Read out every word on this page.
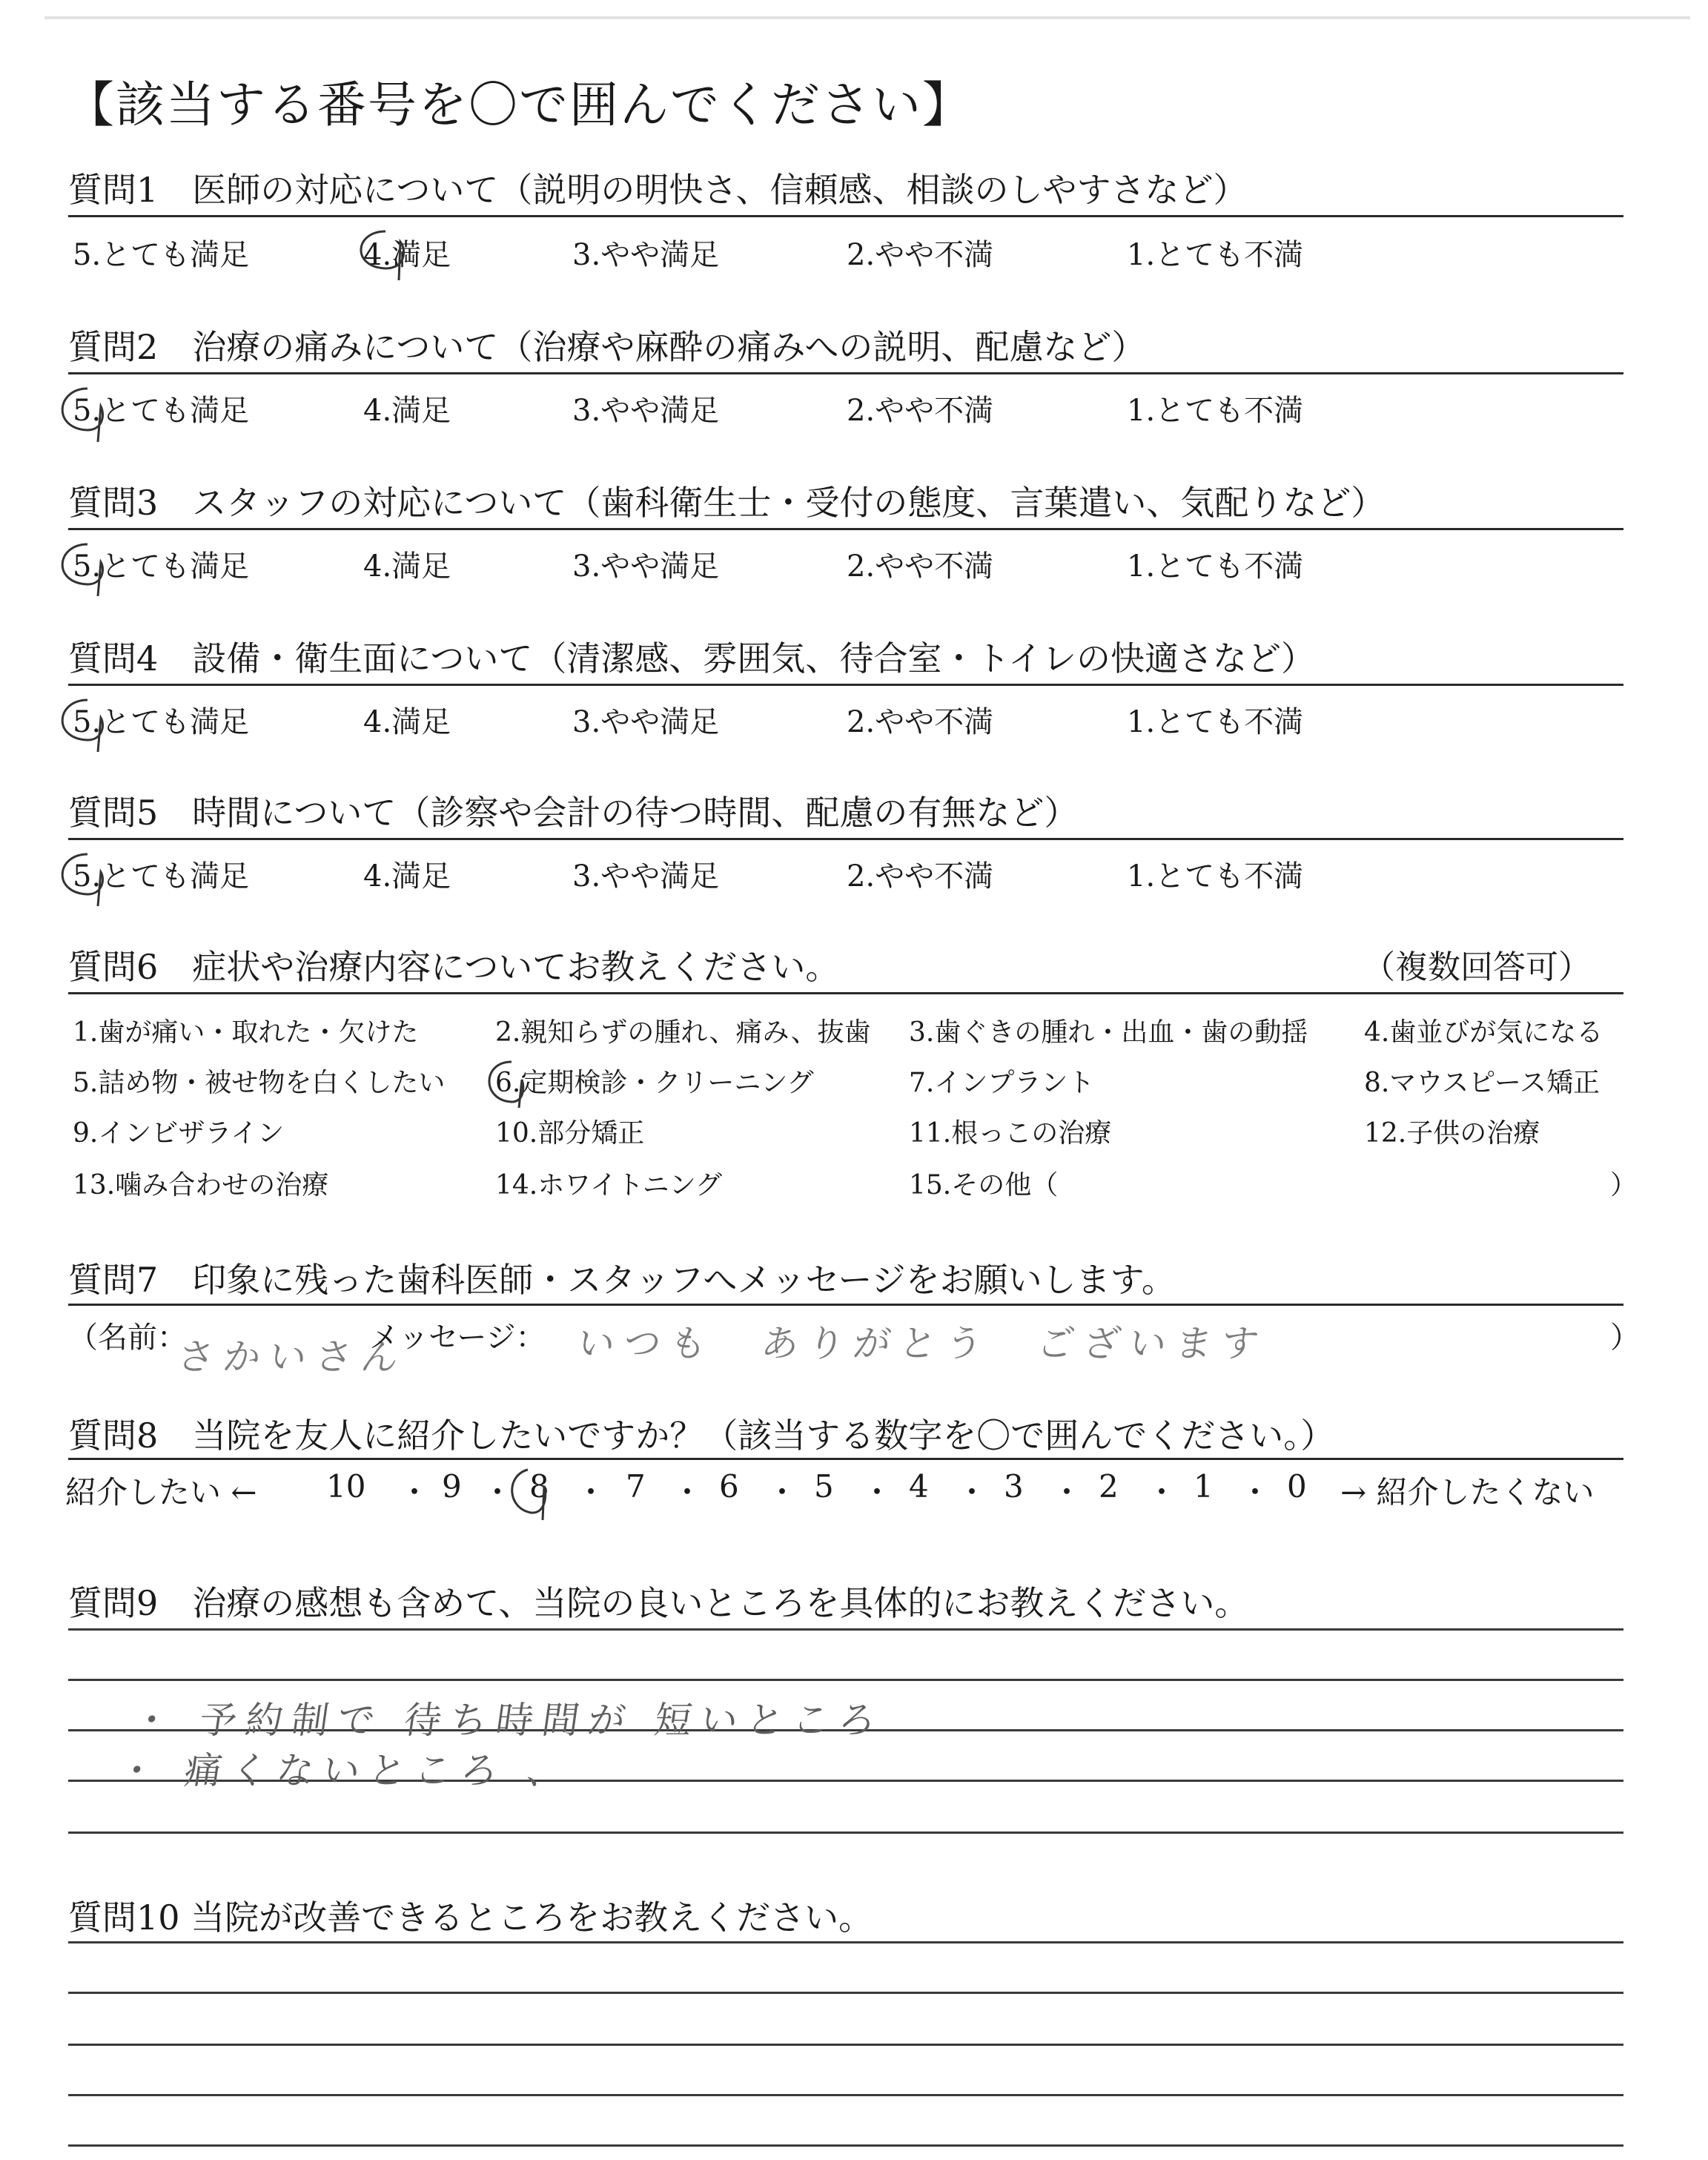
【該当する番号を〇で囲んでください】
質問1　医師の対応について（説明の明快さ、信頼感、相談のしやすさなど）
5.とても満足	4.満足	3.やや満足	2.やや不満	1.とても不満
質問2　治療の痛みについて（治療や麻酔の痛みへの説明、配慮など）
5.とても満足	4.満足	3.やや満足	2.やや不満	1.とても不満
質問3　スタッフの対応について（歯科衛生士・受付の態度、言葉遣い、気配りなど）
5.とても満足	4.満足	3.やや満足	2.やや不満	1.とても不満
質問4　設備・衛生面について（清潔感、雰囲気、待合室・トイレの快適さなど）
5.とても満足	4.満足	3.やや満足	2.やや不満	1.とても不満
質問5　時間について（診察や会計の待つ時間、配慮の有無など）
5.とても満足	4.満足	3.やや満足	2.やや不満	1.とても不満
質問6　症状や治療内容についてお教えください。	（複数回答可）
1.歯が痛い・取れた・欠けた	2.親知らずの腫れ、痛み、抜歯 3.歯ぐきの腫れ・出血・歯の動揺 4.歯並びが気になる
5.詰め物・被せ物を白くしたい 6.定期検診・クリーニング	7.インプラント	8.マウスピース矯正
9.インビザライン	10.部分矯正	11.根っこの治療	12.子供の治療
13.噛み合わせの治療	14.ホワイトニング	15.その他（	）
質問7　印象に残った歯科医師・スタッフへメッセージをお願いします。
（名前：
さかいさん
メッセージ： いつも　ありがとう　ございます	）
質問8　当院を友人に紹介したいですか？（該当する数字を〇で囲んでください。）
紹介したい ← 10 ・ 9 ・ 8 ・ 7 ・ 6 ・ 5 ・ 4 ・ 3 ・ 2 ・ 1 ・ 0 → 紹介したくない
質問9　治療の感想も含めて、当院の良いところを具体的にお教えください。
・ 予約制で 待ち時間が 短いところ
・ 痛くないところ 、
質問10 当院が改善できるところをお教えください。
